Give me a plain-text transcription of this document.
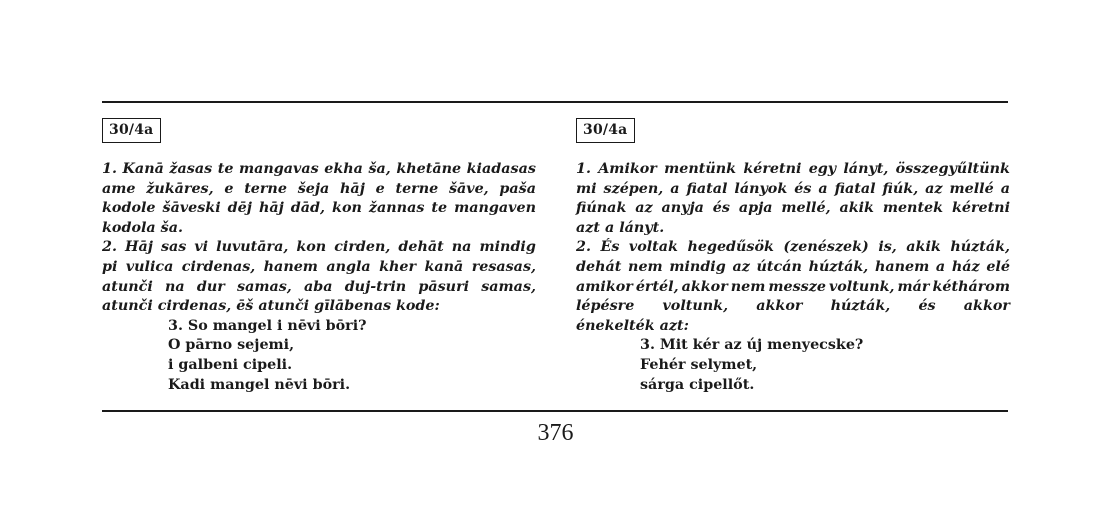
30/4a
1. Kanā žasas te mangavas ekha ša, khetāne kiadasas
ame žukāres, e terne šeja hāj e terne šāve, paša
kodole šāveski dēj hāj dād, kon žannas te mangaven
kodola ša.
2. Hāj sas vi luvutāra, kon cirden, dehāt na mindig
pi vulica cirdenas, hanem angla kher kanā resasas,
atunči na dur samas, aba duj-trin pāsuri samas,
atunči cirdenas, ēš atunči gīlābenas kode:
3. So mangel i nēvi bōri?
O pārno sejemi,
i galbeni cipeli.
Kadi mangel nēvi bōri.
30/4a
1. Amikor mentünk kéretni egy lányt, összegyűltünk
mi szépen, a fiatal lányok és a fiatal fiúk, az mellé a
fiúnak az anyja és apja mellé, akik mentek kéretni
azt a lányt.
2. És voltak hegedűsök (zenészek) is, akik húzták,
dehát nem mindig az útcán húzták, hanem a ház elé
amikor értél, akkor nem messze voltunk, már kéthárom
lépésre voltunk, akkor húzták, és akkor
énekelték azt:
3. Mit kér az új menyecske?
Fehér selymet,
sárga cipellőt.
376
